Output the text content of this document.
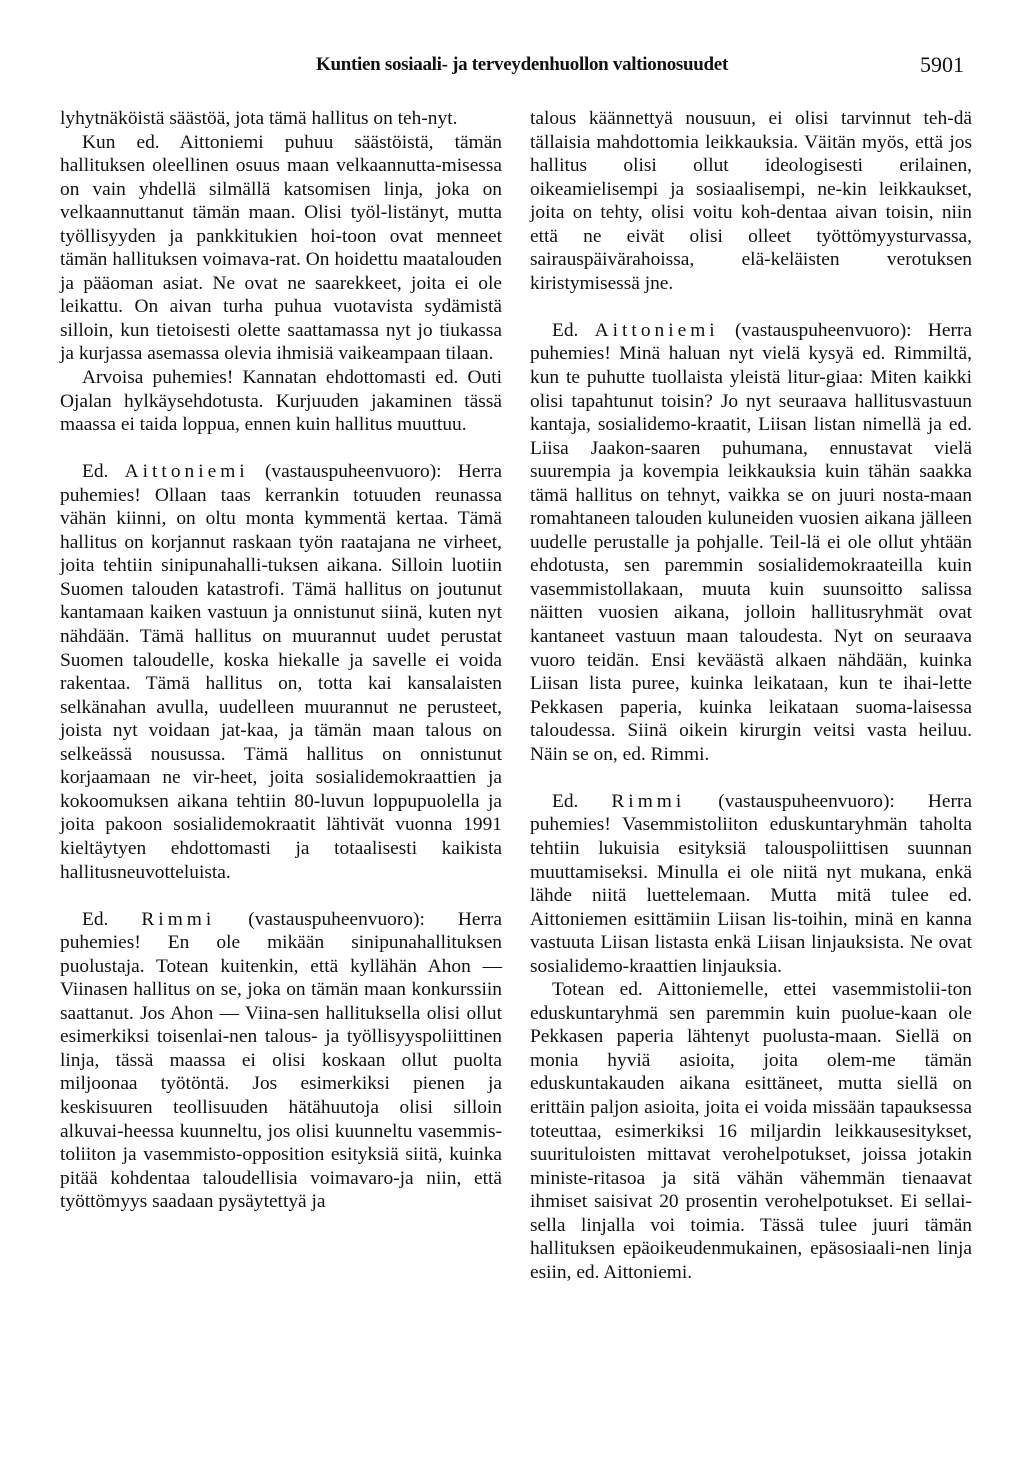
Kuntien sosiaali- ja terveydenhuollon valtionosuudet	5901

lyhytnäköistä säästöä, jota tämä hallitus on teh-nyt.

Kun ed. Aittoniemi puhuu säästöistä, tämän hallituksen oleellinen osuus maan velkaannutta-misessa on vain yhdellä silmällä katsomisen linja, joka on velkaannuttanut tämän maan. Olisi työl-listänyt, mutta työllisyyden ja pankkitukien hoi-toon ovat menneet tämän hallituksen voimava-rat. On hoidettu maatalouden ja pääoman asiat. Ne ovat ne saarekkeet, joita ei ole leikattu. On aivan turha puhua vuotavista sydämistä silloin, kun tietoisesti olette saattamassa nyt jo tiukassa ja kurjassa asemassa olevia ihmisiä vaikeampaan tilaan.

Arvoisa puhemies! Kannatan ehdottomasti ed. Outi Ojalan hylkäysehdotusta. Kurjuuden jakaminen tässä maassa ei taida loppua, ennen kuin hallitus muuttuu.

Ed. Aittoniemi (vastauspuheenvuoro): Herra puhemies! Ollaan taas kerrankin totuuden reunassa vähän kiinni, on oltu monta kymmentä kertaa. Tämä hallitus on korjannut raskaan työn raatajana ne virheet, joita tehtiin sinipunahalli-tuksen aikana. Silloin luotiin Suomen talouden katastrofi. Tämä hallitus on joutunut kantamaan kaiken vastuun ja onnistunut siinä, kuten nyt nähdään. Tämä hallitus on muurannut uudet perustat Suomen taloudelle, koska hiekalle ja savelle ei voida rakentaa. Tämä hallitus on, totta kai kansalaisten selkänahan avulla, uudelleen muurannut ne perusteet, joista nyt voidaan jat-kaa, ja tämän maan talous on selkeässä nousussa. Tämä hallitus on onnistunut korjaamaan ne vir-heet, joita sosialidemokraattien ja kokoomuksen aikana tehtiin 80-luvun loppupuolella ja joita pakoon sosialidemokraatit lähtivät vuonna 1991 kieltäytyen ehdottomasti ja totaalisesti kaikista hallitusneuvotteluista.

Ed. Rimmi (vastauspuheenvuoro): Herra puhemies! En ole mikään sinipunahallituksen puolustaja. Totean kuitenkin, että kyllähän Ahon — Viinasen hallitus on se, joka on tämän maan konkurssiin saattanut. Jos Ahon — Viina-sen hallituksella olisi ollut esimerkiksi toisenlai-nen talous- ja työllisyyspoliittinen linja, tässä maassa ei olisi koskaan ollut puolta miljoonaa työtöntä. Jos esimerkiksi pienen ja keskisuuren teollisuuden hätähuutoja olisi silloin alkuvai-heessa kuunneltu, jos olisi kuunneltu vasemmis-toliiton ja vasemmisto-opposition esityksiä siitä, kuinka pitää kohdentaa taloudellisia voimavaro-ja niin, että työttömyys saadaan pysäytettyä ja

talous käännettyä nousuun, ei olisi tarvinnut teh-dä tällaisia mahdottomia leikkauksia. Väitän myös, että jos hallitus olisi ollut ideologisesti erilainen, oikeamielisempi ja sosiaalisempi, ne-kin leikkaukset, joita on tehty, olisi voitu koh-dentaa aivan toisin, niin että ne eivät olisi olleet työttömyysturvassa, sairauspäivärahoissa, elä-keläisten verotuksen kiristymisessä jne.

Ed. Aittoniemi (vastauspuheenvuoro): Herra puhemies! Minä haluan nyt vielä kysyä ed. Rimmiltä, kun te puhutte tuollaista yleistä litur-giaa: Miten kaikki olisi tapahtunut toisin? Jo nyt seuraava hallitusvastuun kantaja, sosialidemo-kraatit, Liisan listan nimellä ja ed. Liisa Jaakon-saaren puhumana, ennustavat vielä suurempia ja kovempia leikkauksia kuin tähän saakka tämä hallitus on tehnyt, vaikka se on juuri nosta-maan romahtaneen talouden kuluneiden vuosien aikana jälleen uudelle perustalle ja pohjalle. Teil-lä ei ole ollut yhtään ehdotusta, sen paremmin sosialidemokraateilla kuin vasemmistollakaan, muuta kuin suunsoitto salissa näitten vuosien aikana, jolloin hallitusryhmät ovat kantaneet vastuun maan taloudesta. Nyt on seuraava vuoro teidän. Ensi keväästä alkaen nähdään, kuinka Liisan lista puree, kuinka leikataan, kun te ihai-lette Pekkasen paperia, kuinka leikataan suoma-laisessa taloudessa. Siinä oikein kirurgin veitsi vasta heiluu. Näin se on, ed. Rimmi.

Ed. Rimmi (vastauspuheenvuoro): Herra puhemies! Vasemmistoliiton eduskuntaryhmän taholta tehtiin lukuisia esityksiä talouspoliittisen suunnan muuttamiseksi. Minulla ei ole niitä nyt mukana, enkä lähde niitä luettelemaan. Mutta mitä tulee ed. Aittoniemen esittämiin Liisan lis-toihin, minä en kanna vastuuta Liisan listasta enkä Liisan linjauksista. Ne ovat sosialidemo-kraattien linjauksia.

Totean ed. Aittoniemelle, ettei vasemmistolii-ton eduskuntaryhmä sen paremmin kuin puolue-kaan ole Pekkasen paperia lähtenyt puolusta-maan. Siellä on monia hyviä asioita, joita olem-me tämän eduskuntakauden aikana esittäneet, mutta siellä on erittäin paljon asioita, joita ei voida missään tapauksessa toteuttaa, esimerkiksi 16 miljardin leikkausesitykset, suurituloisten mittavat verohelpotukset, joissa jotakin ministe-ritasoa ja sitä vähän vähemmän tienaavat ihmiset saisivat 20 prosentin verohelpotukset. Ei sellai-sella linjalla voi toimia. Tässä tulee juuri tämän hallituksen epäoikeudenmukainen, epäsosiaali-nen linja esiin, ed. Aittoniemi.
